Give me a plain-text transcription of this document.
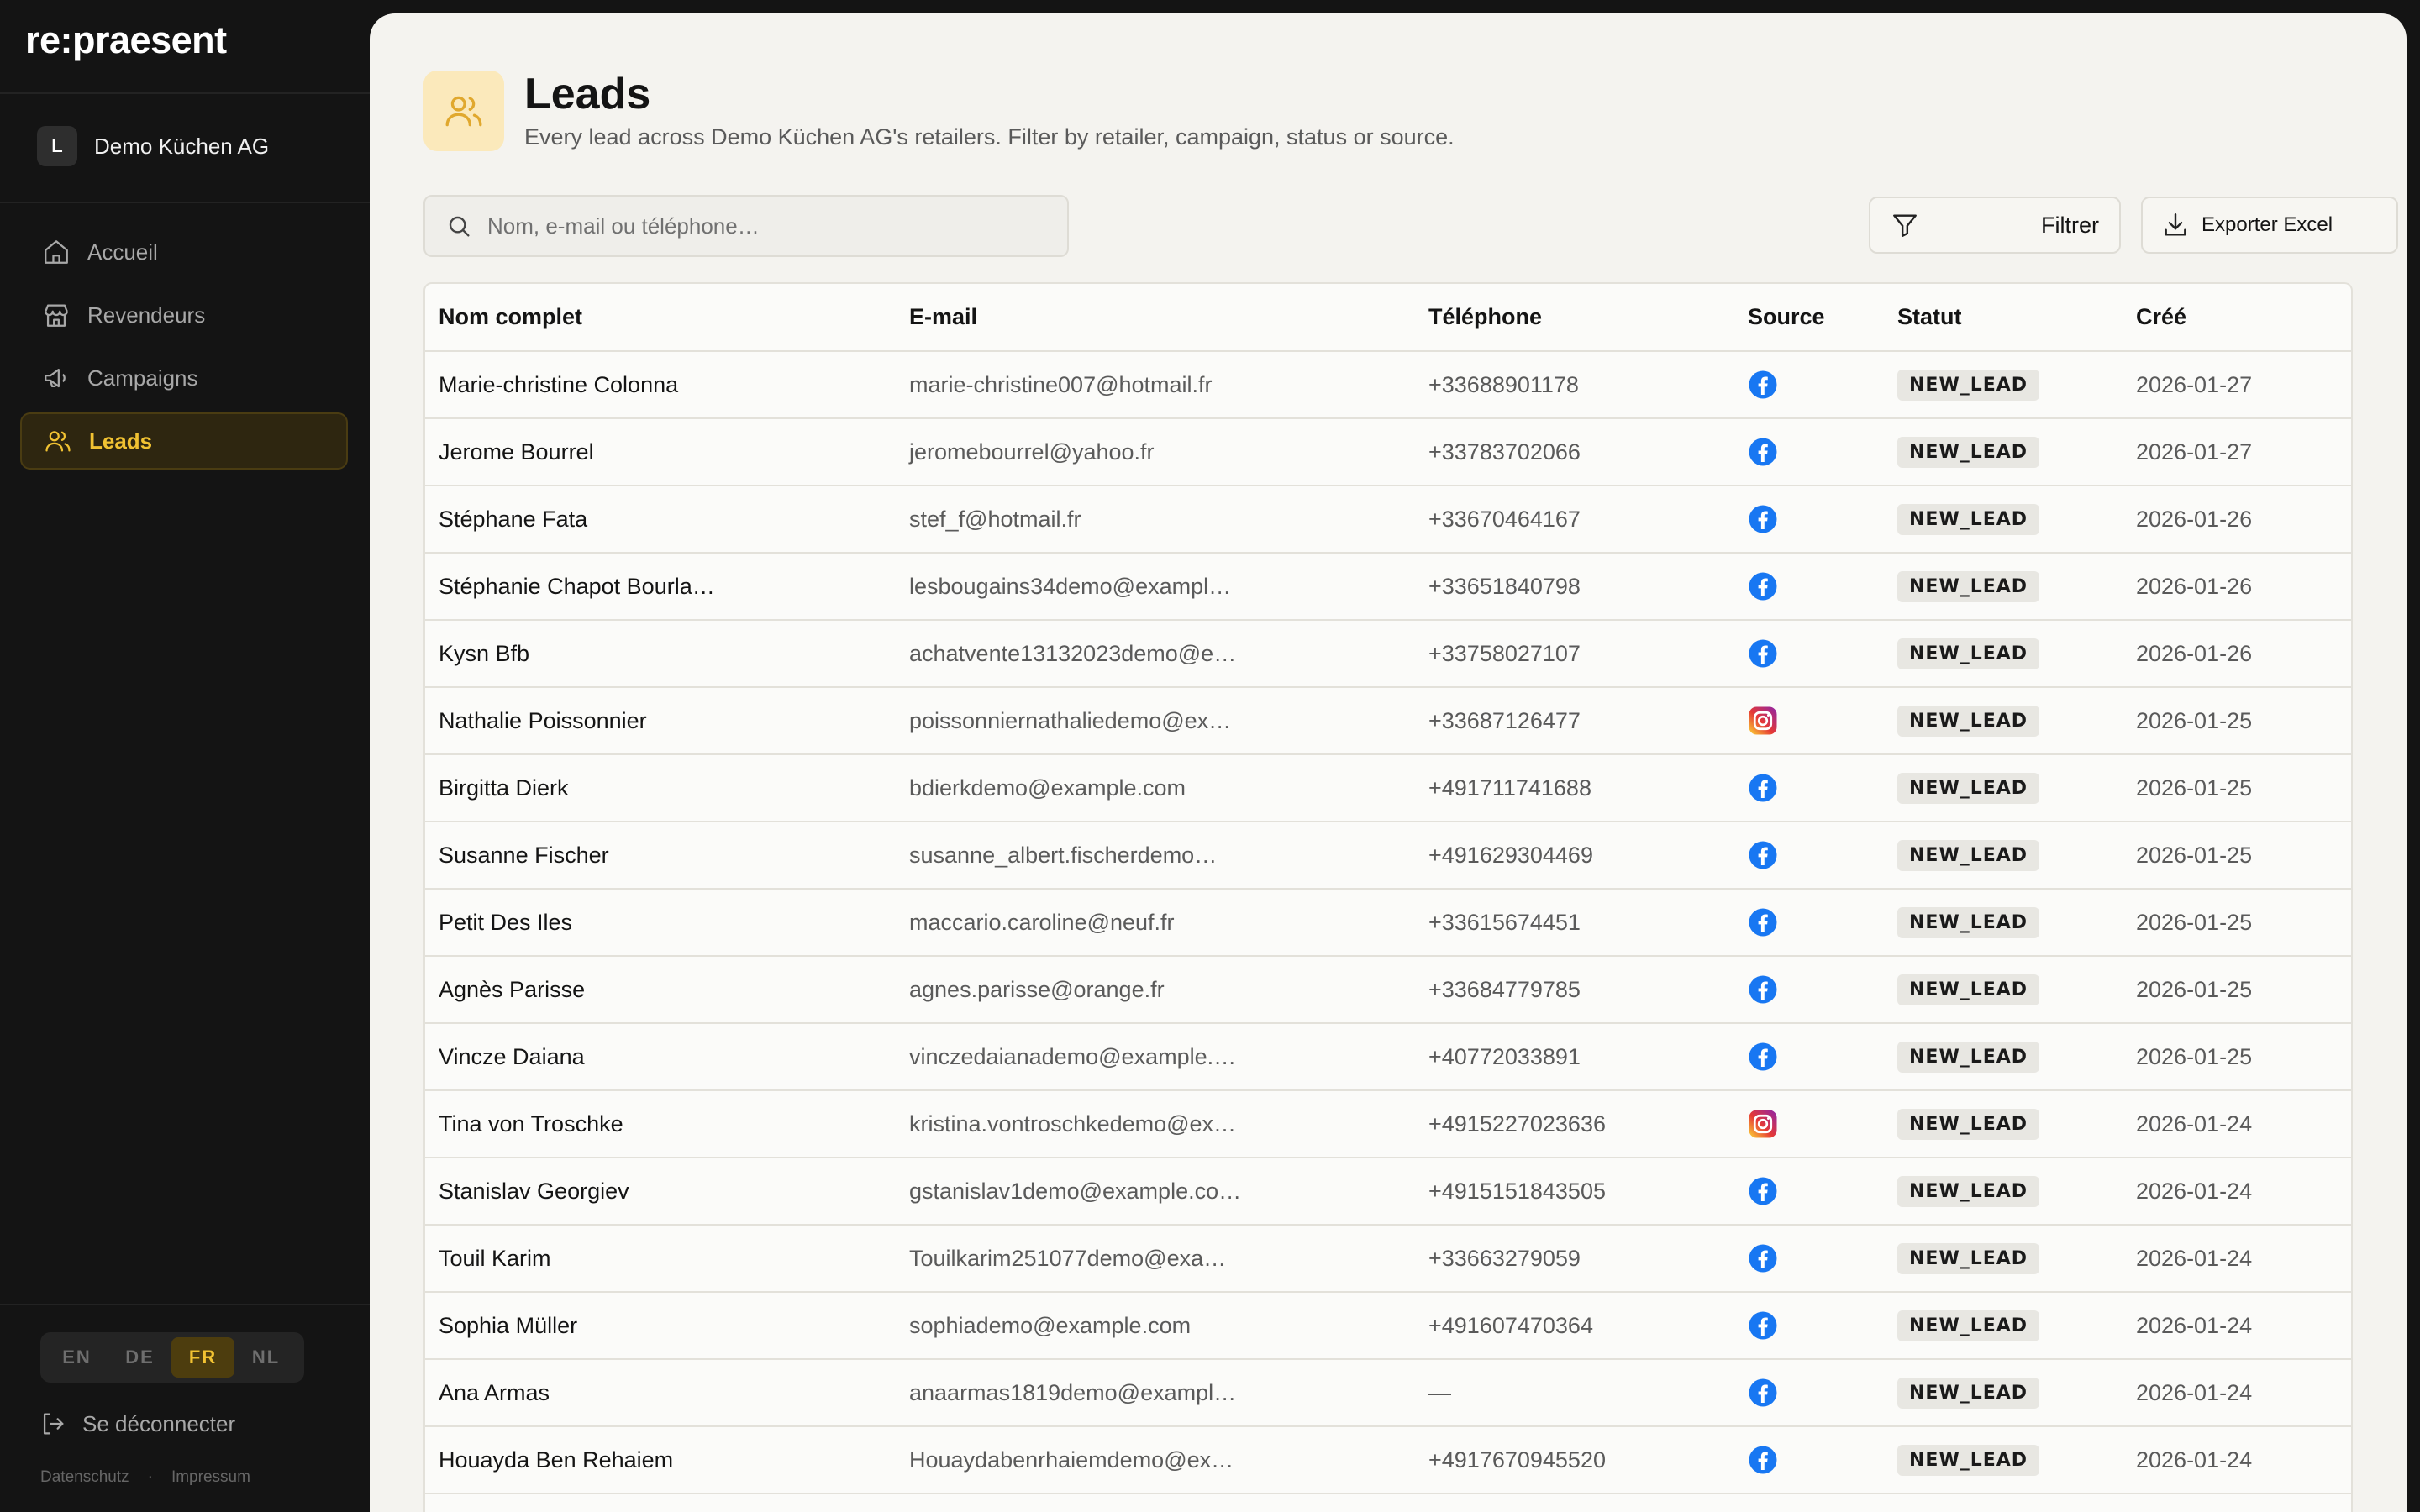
re:praesent
L	Demo Küchen AG
Accueil
Revendeurs
Campaigns
Leads
EN	DE	FR	NL
Se déconnecter
Datenschutz · Impressum
Leads
Every lead across Demo Küchen AG's retailers. Filter by retailer, campaign, status or source.
Nom, e-mail ou téléphone…
Filtrer	Exporter Excel
Nom complet	E-mail	Téléphone	Source	Statut	Créé
Marie-christine Colonna	marie-christine007@hotmail.fr	+33688901178		NEW_LEAD	2026-01-27
Jerome Bourrel	jeromebourrel@yahoo.fr	+33783702066		NEW_LEAD	2026-01-27
Stéphane Fata	stef_f@hotmail.fr	+33670464167		NEW_LEAD	2026-01-26
Stéphanie Chapot Bourla…	lesbougains34demo@exampl…	+33651840798		NEW_LEAD	2026-01-26
Kysn Bfb	achatvente13132023demo@e…	+33758027107		NEW_LEAD	2026-01-26
Nathalie Poissonnier	poissonniernathaliedemo@ex…	+33687126477		NEW_LEAD	2026-01-25
Birgitta Dierk	bdierkdemo@example.com	+491711741688		NEW_LEAD	2026-01-25
Susanne Fischer	susanne_albert.fischerdemo…	+491629304469		NEW_LEAD	2026-01-25
Petit Des Iles	maccario.caroline@neuf.fr	+33615674451		NEW_LEAD	2026-01-25
Agnès Parisse	agnes.parisse@orange.fr	+33684779785		NEW_LEAD	2026-01-25
Vincze Daiana	vinczedaianademo@example.…	+40772033891		NEW_LEAD	2026-01-25
Tina von Troschke	kristina.vontroschkedemo@ex…	+4915227023636		NEW_LEAD	2026-01-24
Stanislav Georgiev	gstanislav1demo@example.co…	+4915151843505		NEW_LEAD	2026-01-24
Touil Karim	Touilkarim251077demo@exa…	+33663279059		NEW_LEAD	2026-01-24
Sophia Müller	sophiademo@example.com	+491607470364		NEW_LEAD	2026-01-24
Ana Armas	anaarmas1819demo@exampl…	—		NEW_LEAD	2026-01-24
Houayda Ben Rehaiem	Houaydabenrhaiemdemo@ex…	+4917670945520		NEW_LEAD	2026-01-24
